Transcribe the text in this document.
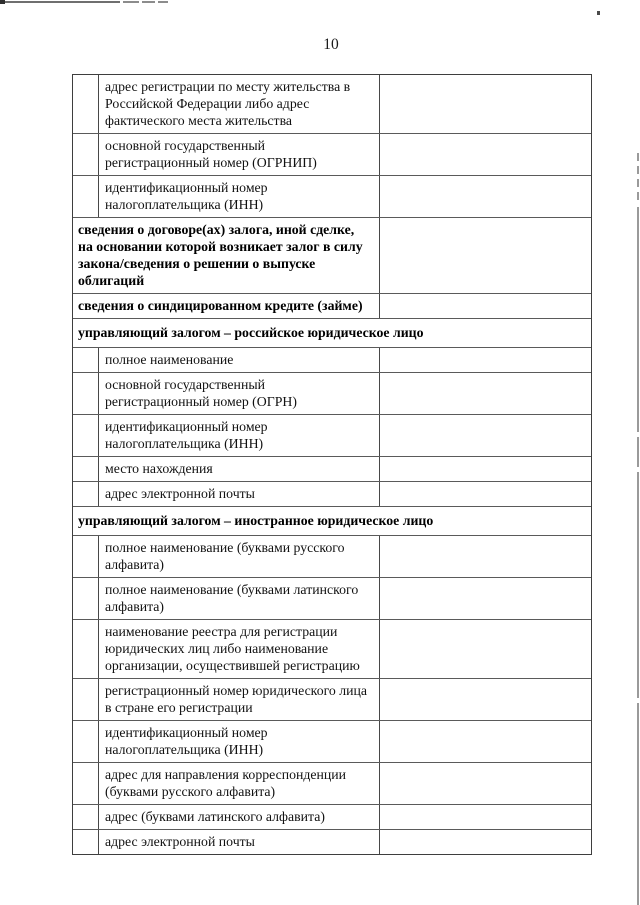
10
адрес регистрации по месту жительства в Российской Федерации либо адрес фактического места жительства
основной государственный регистрационный номер (ОГРНИП)
идентификационный номер налогоплательщика (ИНН)
сведения о договоре(ах) залога, иной сделке, на основании которой возникает залог в силу закона/сведения о решении о выпуске облигаций
сведения о синдицированном кредите (займе)
управляющий залогом – российское юридическое лицо
полное наименование
основной государственный регистрационный номер (ОГРН)
идентификационный номер налогоплательщика (ИНН)
место нахождения
адрес электронной почты
управляющий залогом – иностранное юридическое лицо
полное наименование (буквами русского алфавита)
полное наименование (буквами латинского алфавита)
наименование реестра для регистрации юридических лиц либо наименование организации, осуществившей регистрацию
регистрационный номер юридического лица в стране его регистрации
идентификационный номер налогоплательщика (ИНН)
адрес для направления корреспонденции (буквами русского алфавита)
адрес (буквами латинского алфавита)
адрес электронной почты
